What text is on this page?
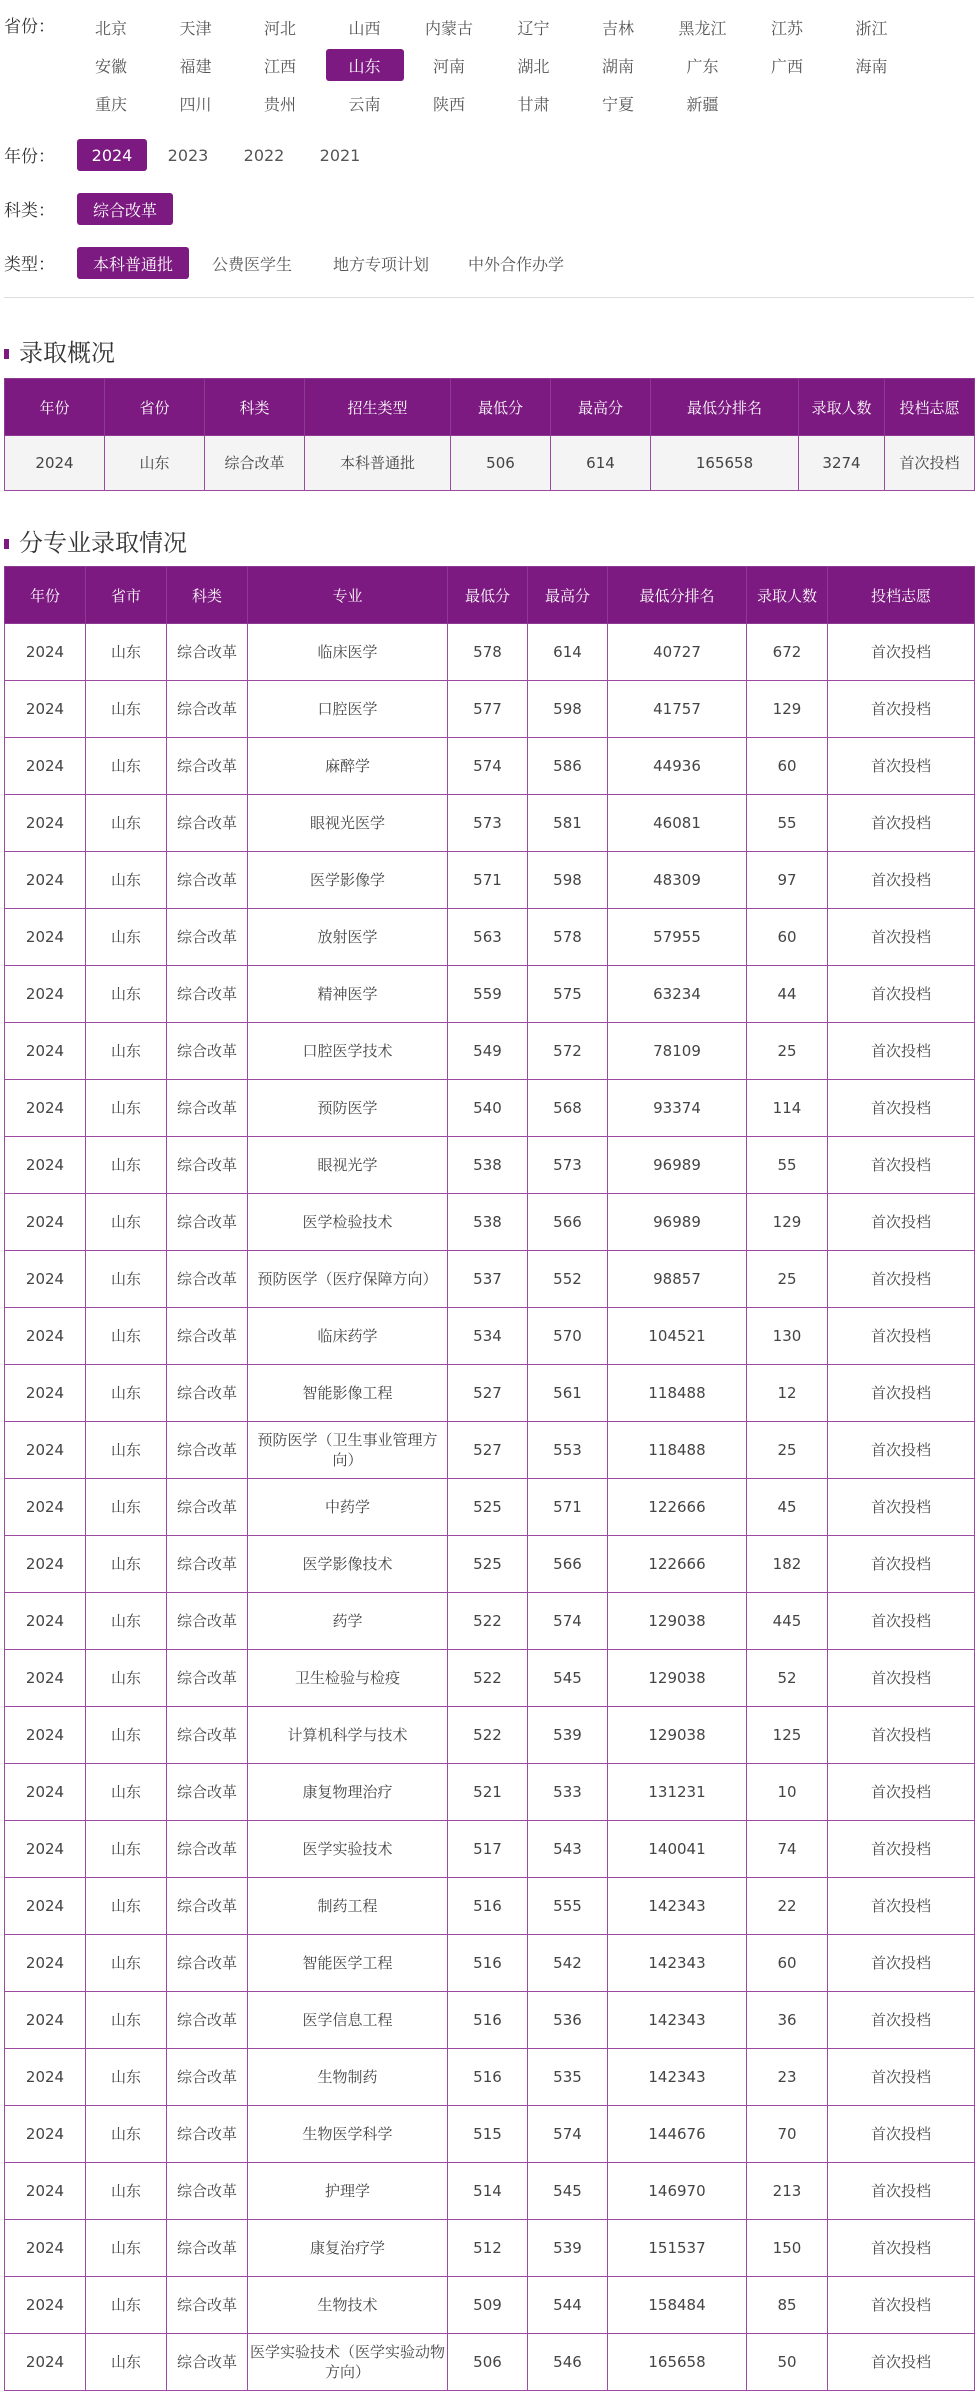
省份：	北京	天津	河北	山西	内蒙古	辽宁	吉林	黑龙江	江苏	浙江
安徽	福建	江西	山东	河南	湖北	湖南	广东	广西	海南
重庆	四川	贵州	云南	陕西	甘肃	宁夏	新疆
年份：	2024	2023	2022	2021
科类：	综合改革
类型：	本科普通批	公费医学生	地方专项计划	中外合作办学
录取概况
年份	省份	科类	招生类型	最低分	最高分	最低分排名	录取人数	投档志愿
2024	山东	综合改革	本科普通批	506	614	165658	3274	首次投档
分专业录取情况
年份	省市	科类	专业	最低分	最高分	最低分排名	录取人数	投档志愿
2024	山东	综合改革	临床医学	578	614	40727	672	首次投档
2024	山东	综合改革	口腔医学	577	598	41757	129	首次投档
2024	山东	综合改革	麻醉学	574	586	44936	60	首次投档
2024	山东	综合改革	眼视光医学	573	581	46081	55	首次投档
2024	山东	综合改革	医学影像学	571	598	48309	97	首次投档
2024	山东	综合改革	放射医学	563	578	57955	60	首次投档
2024	山东	综合改革	精神医学	559	575	63234	44	首次投档
2024	山东	综合改革	口腔医学技术	549	572	78109	25	首次投档
2024	山东	综合改革	预防医学	540	568	93374	114	首次投档
2024	山东	综合改革	眼视光学	538	573	96989	55	首次投档
2024	山东	综合改革	医学检验技术	538	566	96989	129	首次投档
2024	山东	综合改革	预防医学（医疗保障方向）	537	552	98857	25	首次投档
2024	山东	综合改革	临床药学	534	570	104521	130	首次投档
2024	山东	综合改革	智能影像工程	527	561	118488	12	首次投档
2024	山东	综合改革	预防医学（卫生事业管理方向）	527	553	118488	25	首次投档
2024	山东	综合改革	中药学	525	571	122666	45	首次投档
2024	山东	综合改革	医学影像技术	525	566	122666	182	首次投档
2024	山东	综合改革	药学	522	574	129038	445	首次投档
2024	山东	综合改革	卫生检验与检疫	522	545	129038	52	首次投档
2024	山东	综合改革	计算机科学与技术	522	539	129038	125	首次投档
2024	山东	综合改革	康复物理治疗	521	533	131231	10	首次投档
2024	山东	综合改革	医学实验技术	517	543	140041	74	首次投档
2024	山东	综合改革	制药工程	516	555	142343	22	首次投档
2024	山东	综合改革	智能医学工程	516	542	142343	60	首次投档
2024	山东	综合改革	医学信息工程	516	536	142343	36	首次投档
2024	山东	综合改革	生物制药	516	535	142343	23	首次投档
2024	山东	综合改革	生物医学科学	515	574	144676	70	首次投档
2024	山东	综合改革	护理学	514	545	146970	213	首次投档
2024	山东	综合改革	康复治疗学	512	539	151537	150	首次投档
2024	山东	综合改革	生物技术	509	544	158484	85	首次投档
2024	山东	综合改革	医学实验技术（医学实验动物方向）	506	546	165658	50	首次投档
